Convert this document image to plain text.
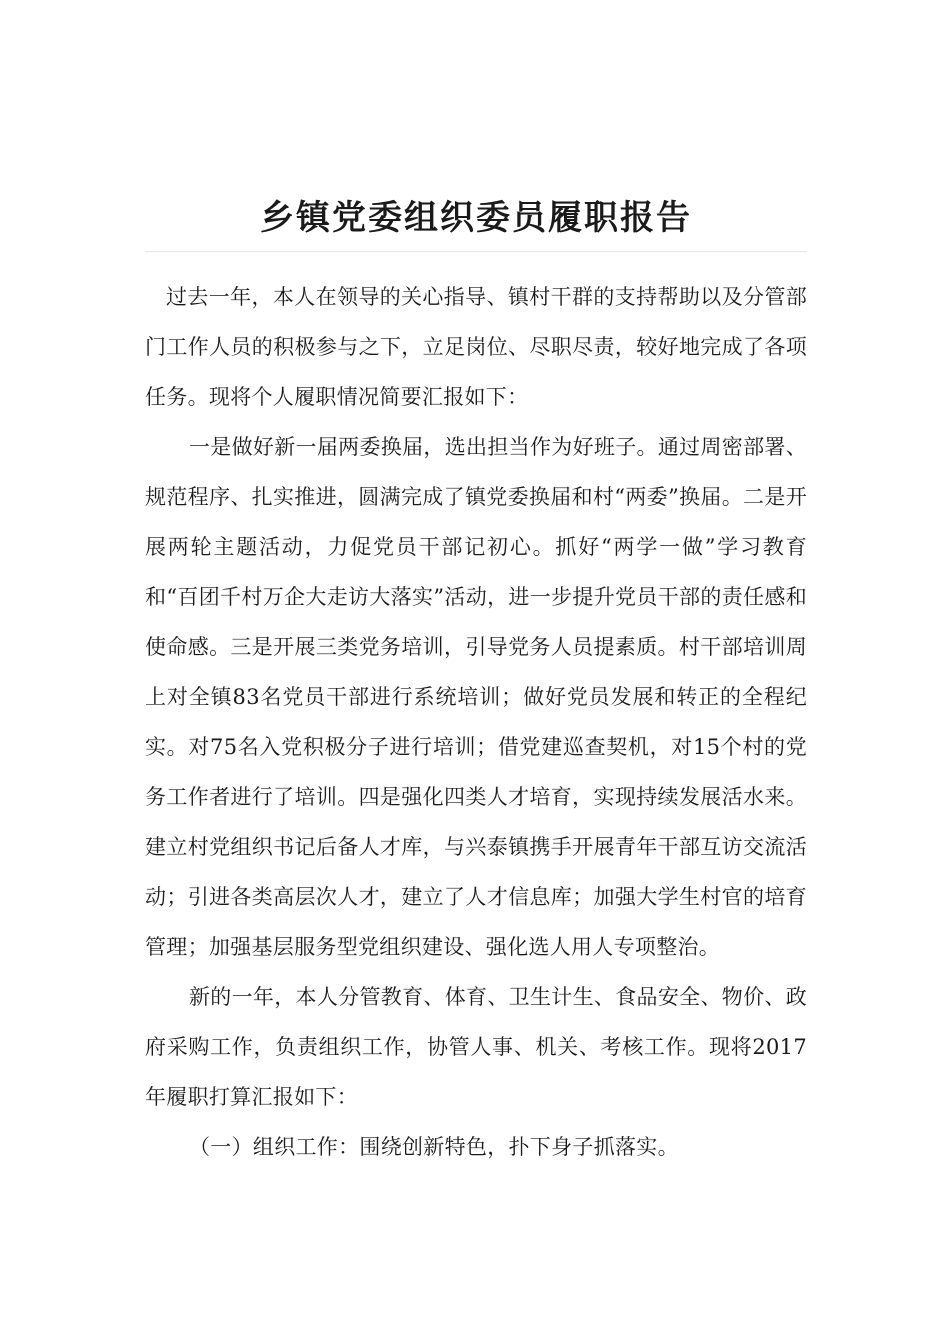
乡镇党委组织委员履职报告

过去一年，本人在领导的关心指导、镇村干群的支持帮助以及分管部门工作人员的积极参与之下，立足岗位、尽职尽责，较好地完成了各项任务。现将个人履职情况简要汇报如下：

一是做好新一届两委换届，选出担当作为好班子。通过周密部署、规范程序、扎实推进，圆满完成了镇党委换届和村“两委”换届。二是开展两轮主题活动，力促党员干部记初心。抓好“两学一做”学习教育和“百团千村万企大走访大落实”活动，进一步提升党员干部的责任感和使命感。三是开展三类党务培训，引导党务人员提素质。村干部培训周上对全镇83名党员干部进行系统培训；做好党员发展和转正的全程纪实。对75名入党积极分子进行培训；借党建巡查契机，对15个村的党务工作者进行了培训。四是强化四类人才培育，实现持续发展活水来。建立村党组织书记后备人才库，与兴泰镇携手开展青年干部互访交流活动；引进各类高层次人才，建立了人才信息库；加强大学生村官的培育管理；加强基层服务型党组织建设、强化选人用人专项整治。

新的一年，本人分管教育、体育、卫生计生、食品安全、物价、政府采购工作，负责组织工作，协管人事、机关、考核工作。现将2017年履职打算汇报如下：

（一）组织工作：围绕创新特色，扑下身子抓落实。
